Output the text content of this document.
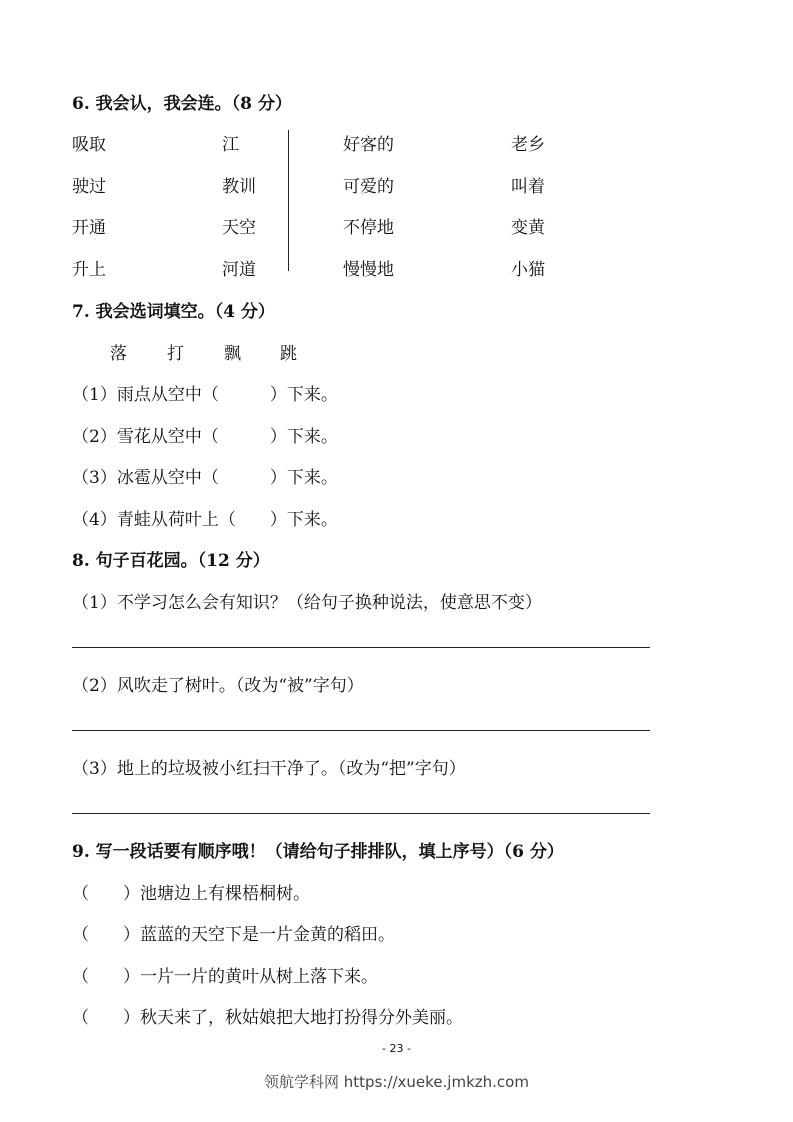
6. 我会认，我会连。（8 分）
吸取
驶过
开通
升上
江
教训
天空
河道
好客的
可爱的
不停地
慢慢地
老乡
叫着
变黄
小猫
7. 我会选词填空。（4 分）
落 打 飘 跳
（1）雨点从空中（　　　）下来。
（2）雪花从空中（　　　）下来。
（3）冰雹从空中（　　　）下来。
（4）青蛙从荷叶上（　　）下来。
8. 句子百花园。（12 分）
（1）不学习怎么会有知识？（给句子换种说法，使意思不变）
（2）风吹走了树叶。（改为“被”字句）
（3）地上的垃圾被小红扫干净了。（改为“把”字句）
9. 写一段话要有顺序哦！（请给句子排排队，填上序号）（6 分）
（　　）池塘边上有棵梧桐树。
（　　）蓝蓝的天空下是一片金黄的稻田。
（　　）一片一片的黄叶从树上落下来。
（　　）秋天来了，秋姑娘把大地打扮得分外美丽。
- 23 -
领航学科网 https://xueke.jmkzh.com
